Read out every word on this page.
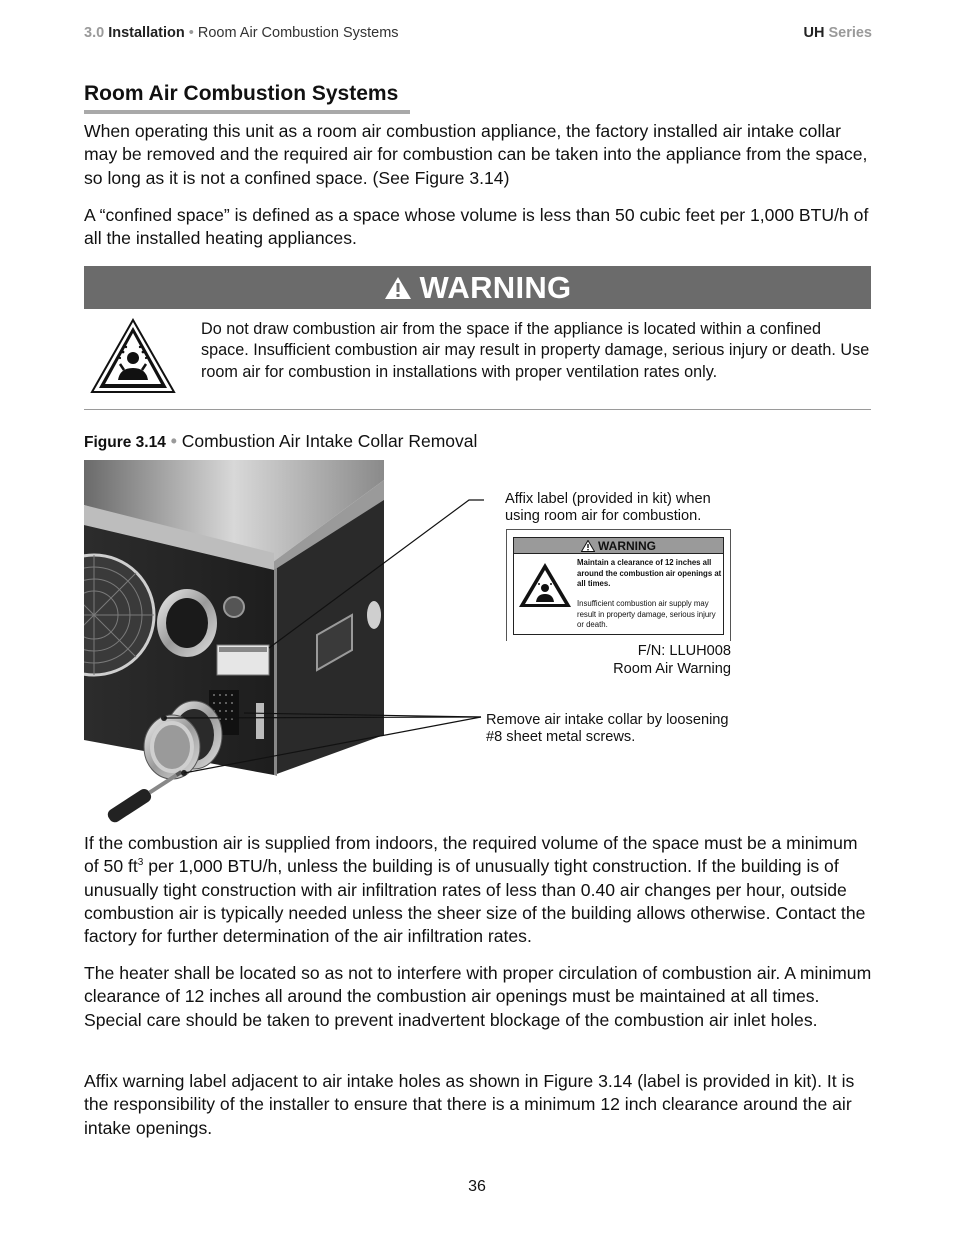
3.0 Installation • Room Air Combustion Systems	UH Series
Room Air Combustion Systems

When operating this unit as a room air combustion appliance, the factory installed air intake collar may be removed and the required air for combustion can be taken into the appliance from the space, so long as it is not a confined space. (See Figure 3.14)

A “confined space” is defined as a space whose volume is less than 50 cubic feet per 1,000 BTU/h of all the installed heating appliances.

WARNING

Do not draw combustion air from the space if the appliance is located within a confined space. Insufficient combustion air may result in property damage, serious injury or death. Use room air for combustion in installations with proper ventilation rates only.

Figure 3.14 • Combustion Air Intake Collar Removal
Affix label (provided in kit) when using room air for combustion.
WARNING
Maintain a clearance of 12 inches all around the combustion air openings at all times.
Insufficient combustion air supply may result in property damage, serious injury or death.
F/N: LLUH008
Room Air Warning
Remove air intake collar by loosening #8 sheet metal screws.

If the combustion air is supplied from indoors, the required volume of the space must be a minimum of 50 $ft^3$ per 1,000 BTU/h, unless the building is of unusually tight construction. If the building is of unusually tight construction with air infiltration rates of less than 0.40 air changes per hour, outside combustion air is typically needed unless the sheer size of the building allows otherwise. Contact the factory for further determination of the air infiltration rates.

The heater shall be located so as not to interfere with proper circulation of combustion air. A minimum clearance of 12 inches all around the combustion air openings must be maintained at all times. Special care should be taken to prevent inadvertent blockage of the combustion air inlet holes.

Affix warning label adjacent to air intake holes as shown in Figure 3.14 (label is provided in kit). It is the responsibility of the installer to ensure that there is a minimum 12 inch clearance around the air intake openings.

36
